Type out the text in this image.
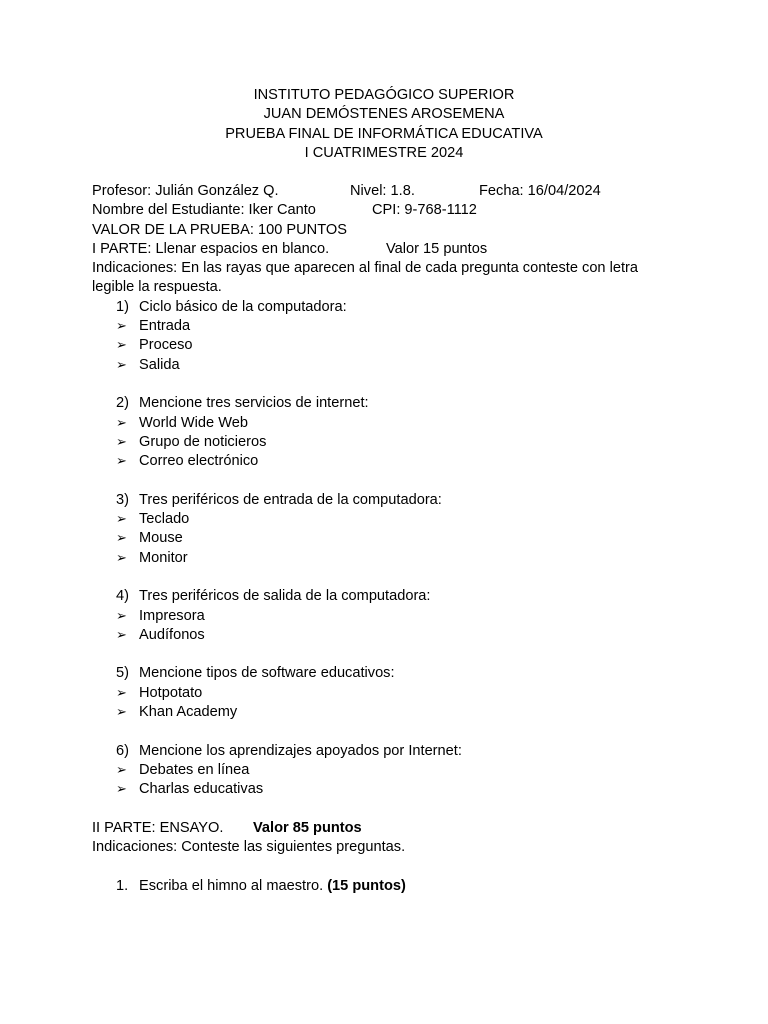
INSTITUTO PEDAGÓGICO SUPERIOR
JUAN DEMÓSTENES AROSEMENA
PRUEBA FINAL DE INFORMÁTICA EDUCATIVA
I CUATRIMESTRE 2024
Profesor: Julián González Q.	Nivel: 1.8.	Fecha: 16/04/2024
Nombre del Estudiante: Iker Canto	CPI: 9-768-1112
VALOR DE LA PRUEBA: 100 PUNTOS
I PARTE: Llenar espacios en blanco.	Valor 15 puntos
Indicaciones: En las rayas que aparecen al final de cada pregunta conteste con letra legible la respuesta.
1) Ciclo básico de la computadora:
➢ Entrada
➢ Proceso
➢ Salida
2) Mencione tres servicios de internet:
➢ World Wide Web
➢ Grupo de noticieros
➢ Correo electrónico
3) Tres periféricos de entrada de la computadora:
➢ Teclado
➢ Mouse
➢ Monitor
4) Tres periféricos de salida de la computadora:
➢ Impresora
➢ Audífonos
5) Mencione tipos de software educativos:
➢ Hotpotato
➢ Khan Academy
6) Mencione los aprendizajes apoyados por Internet:
➢ Debates en línea
➢ Charlas educativas
II PARTE: ENSAYO. Valor 85 puntos
Indicaciones: Conteste las siguientes preguntas.
1. Escriba el himno al maestro. (15 puntos)
